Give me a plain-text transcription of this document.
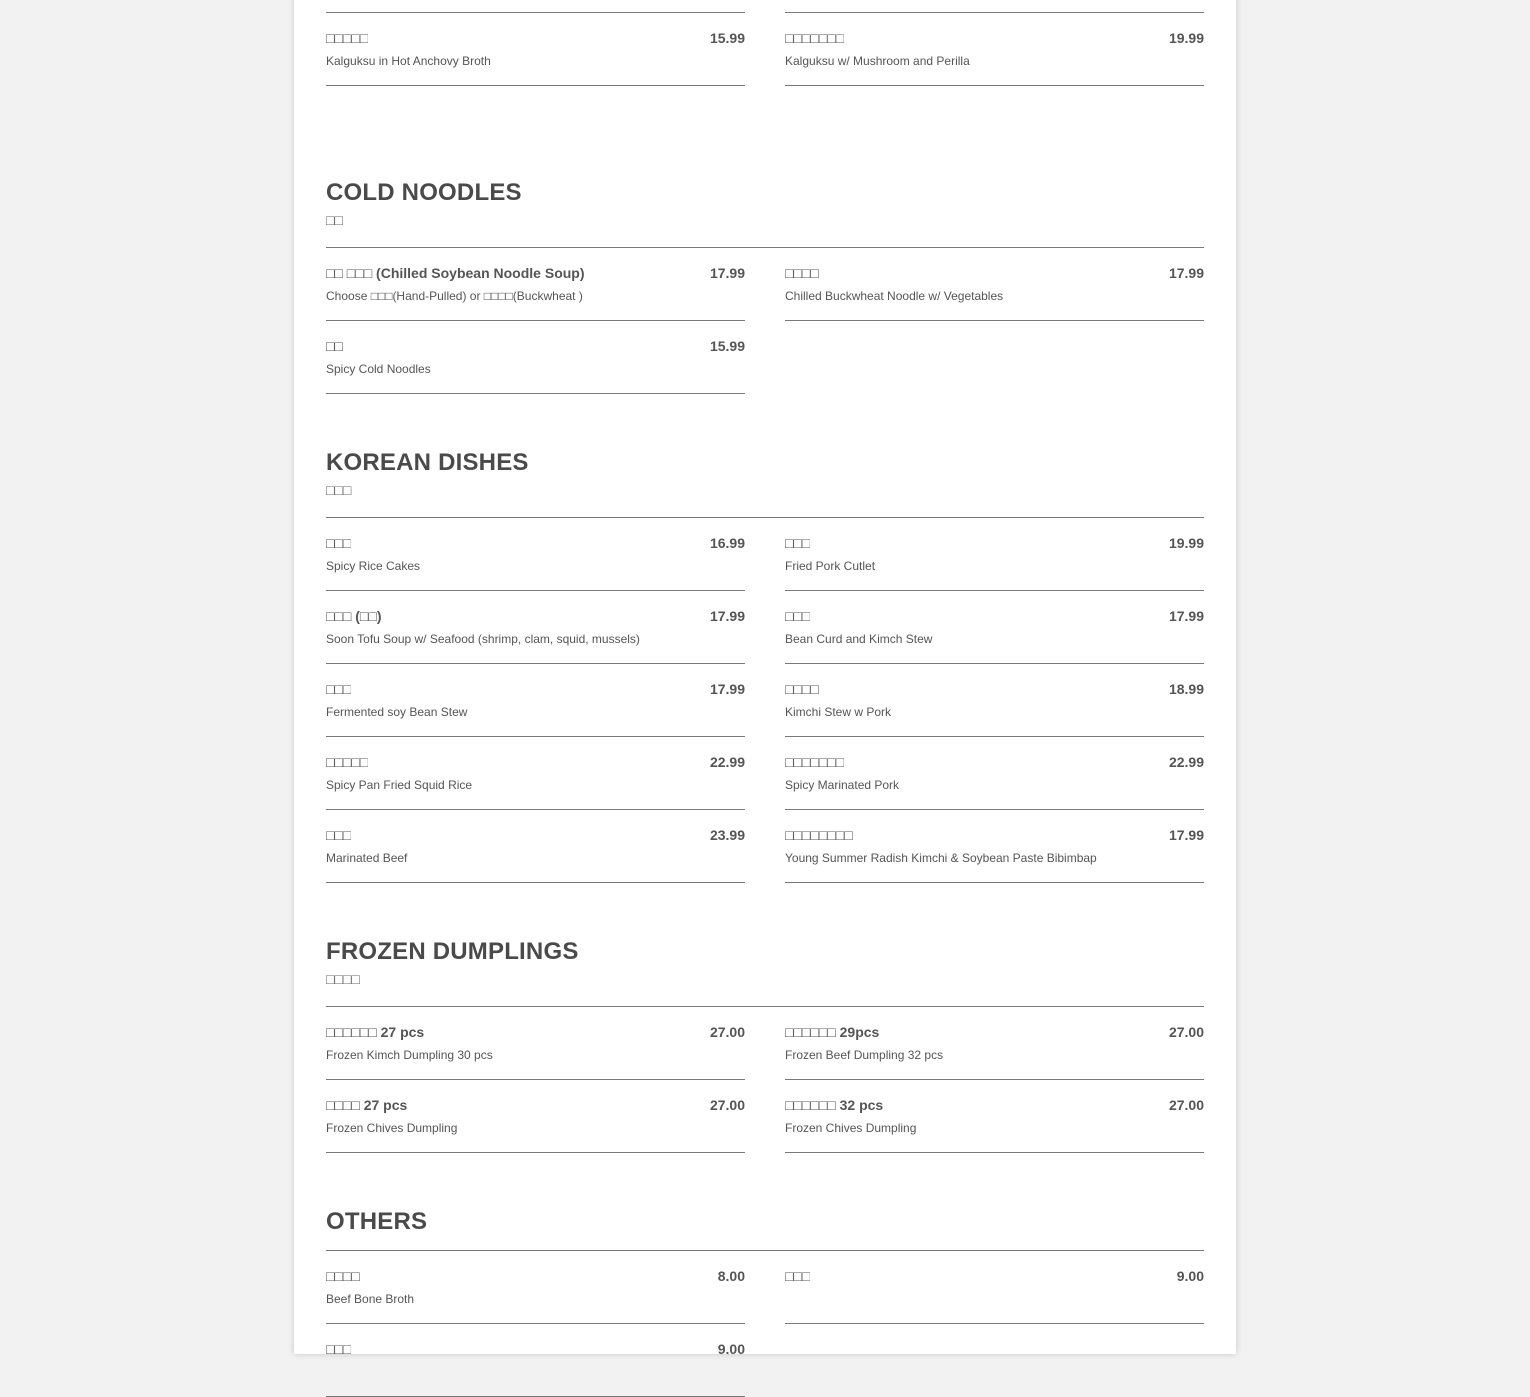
□□□□□	15.99
Kalguksu in Hot Anchovy Broth
□□□□□□□	19.99
Kalguksu w/ Mushroom and Perilla
COLD NOODLES
□□
□□ □□□ (Chilled Soybean Noodle Soup)	17.99
Choose □□□(Hand-Pulled) or □□□□(Buckwheat )
□□□□	17.99
Chilled Buckwheat Noodle w/ Vegetables
□□	15.99
Spicy Cold Noodles
KOREAN DISHES
□□□
□□□	16.99
Spicy Rice Cakes
□□□	19.99
Fried Pork Cutlet
□□□ (□□)	17.99
Soon Tofu Soup w/ Seafood (shrimp, clam, squid, mussels)
□□□	17.99
Bean Curd and Kimch Stew
□□□	17.99
Fermented soy Bean Stew
□□□□	18.99
Kimchi Stew w Pork
□□□□□	22.99
Spicy Pan Fried Squid Rice
□□□□□□□	22.99
Spicy Marinated Pork
□□□	23.99
Marinated Beef
□□□□□□□□	17.99
Young Summer Radish Kimchi & Soybean Paste Bibimbap
FROZEN DUMPLINGS
□□□□
□□□□□□ 27 pcs	27.00
Frozen Kimch Dumpling 30 pcs
□□□□□□ 29pcs	27.00
Frozen Beef Dumpling 32 pcs
□□□□ 27 pcs	27.00
Frozen Chives Dumpling
□□□□□□ 32 pcs	27.00
Frozen Chives Dumpling
OTHERS
□□□□	8.00
Beef Bone Broth
□□□	9.00
□□□	9.00
